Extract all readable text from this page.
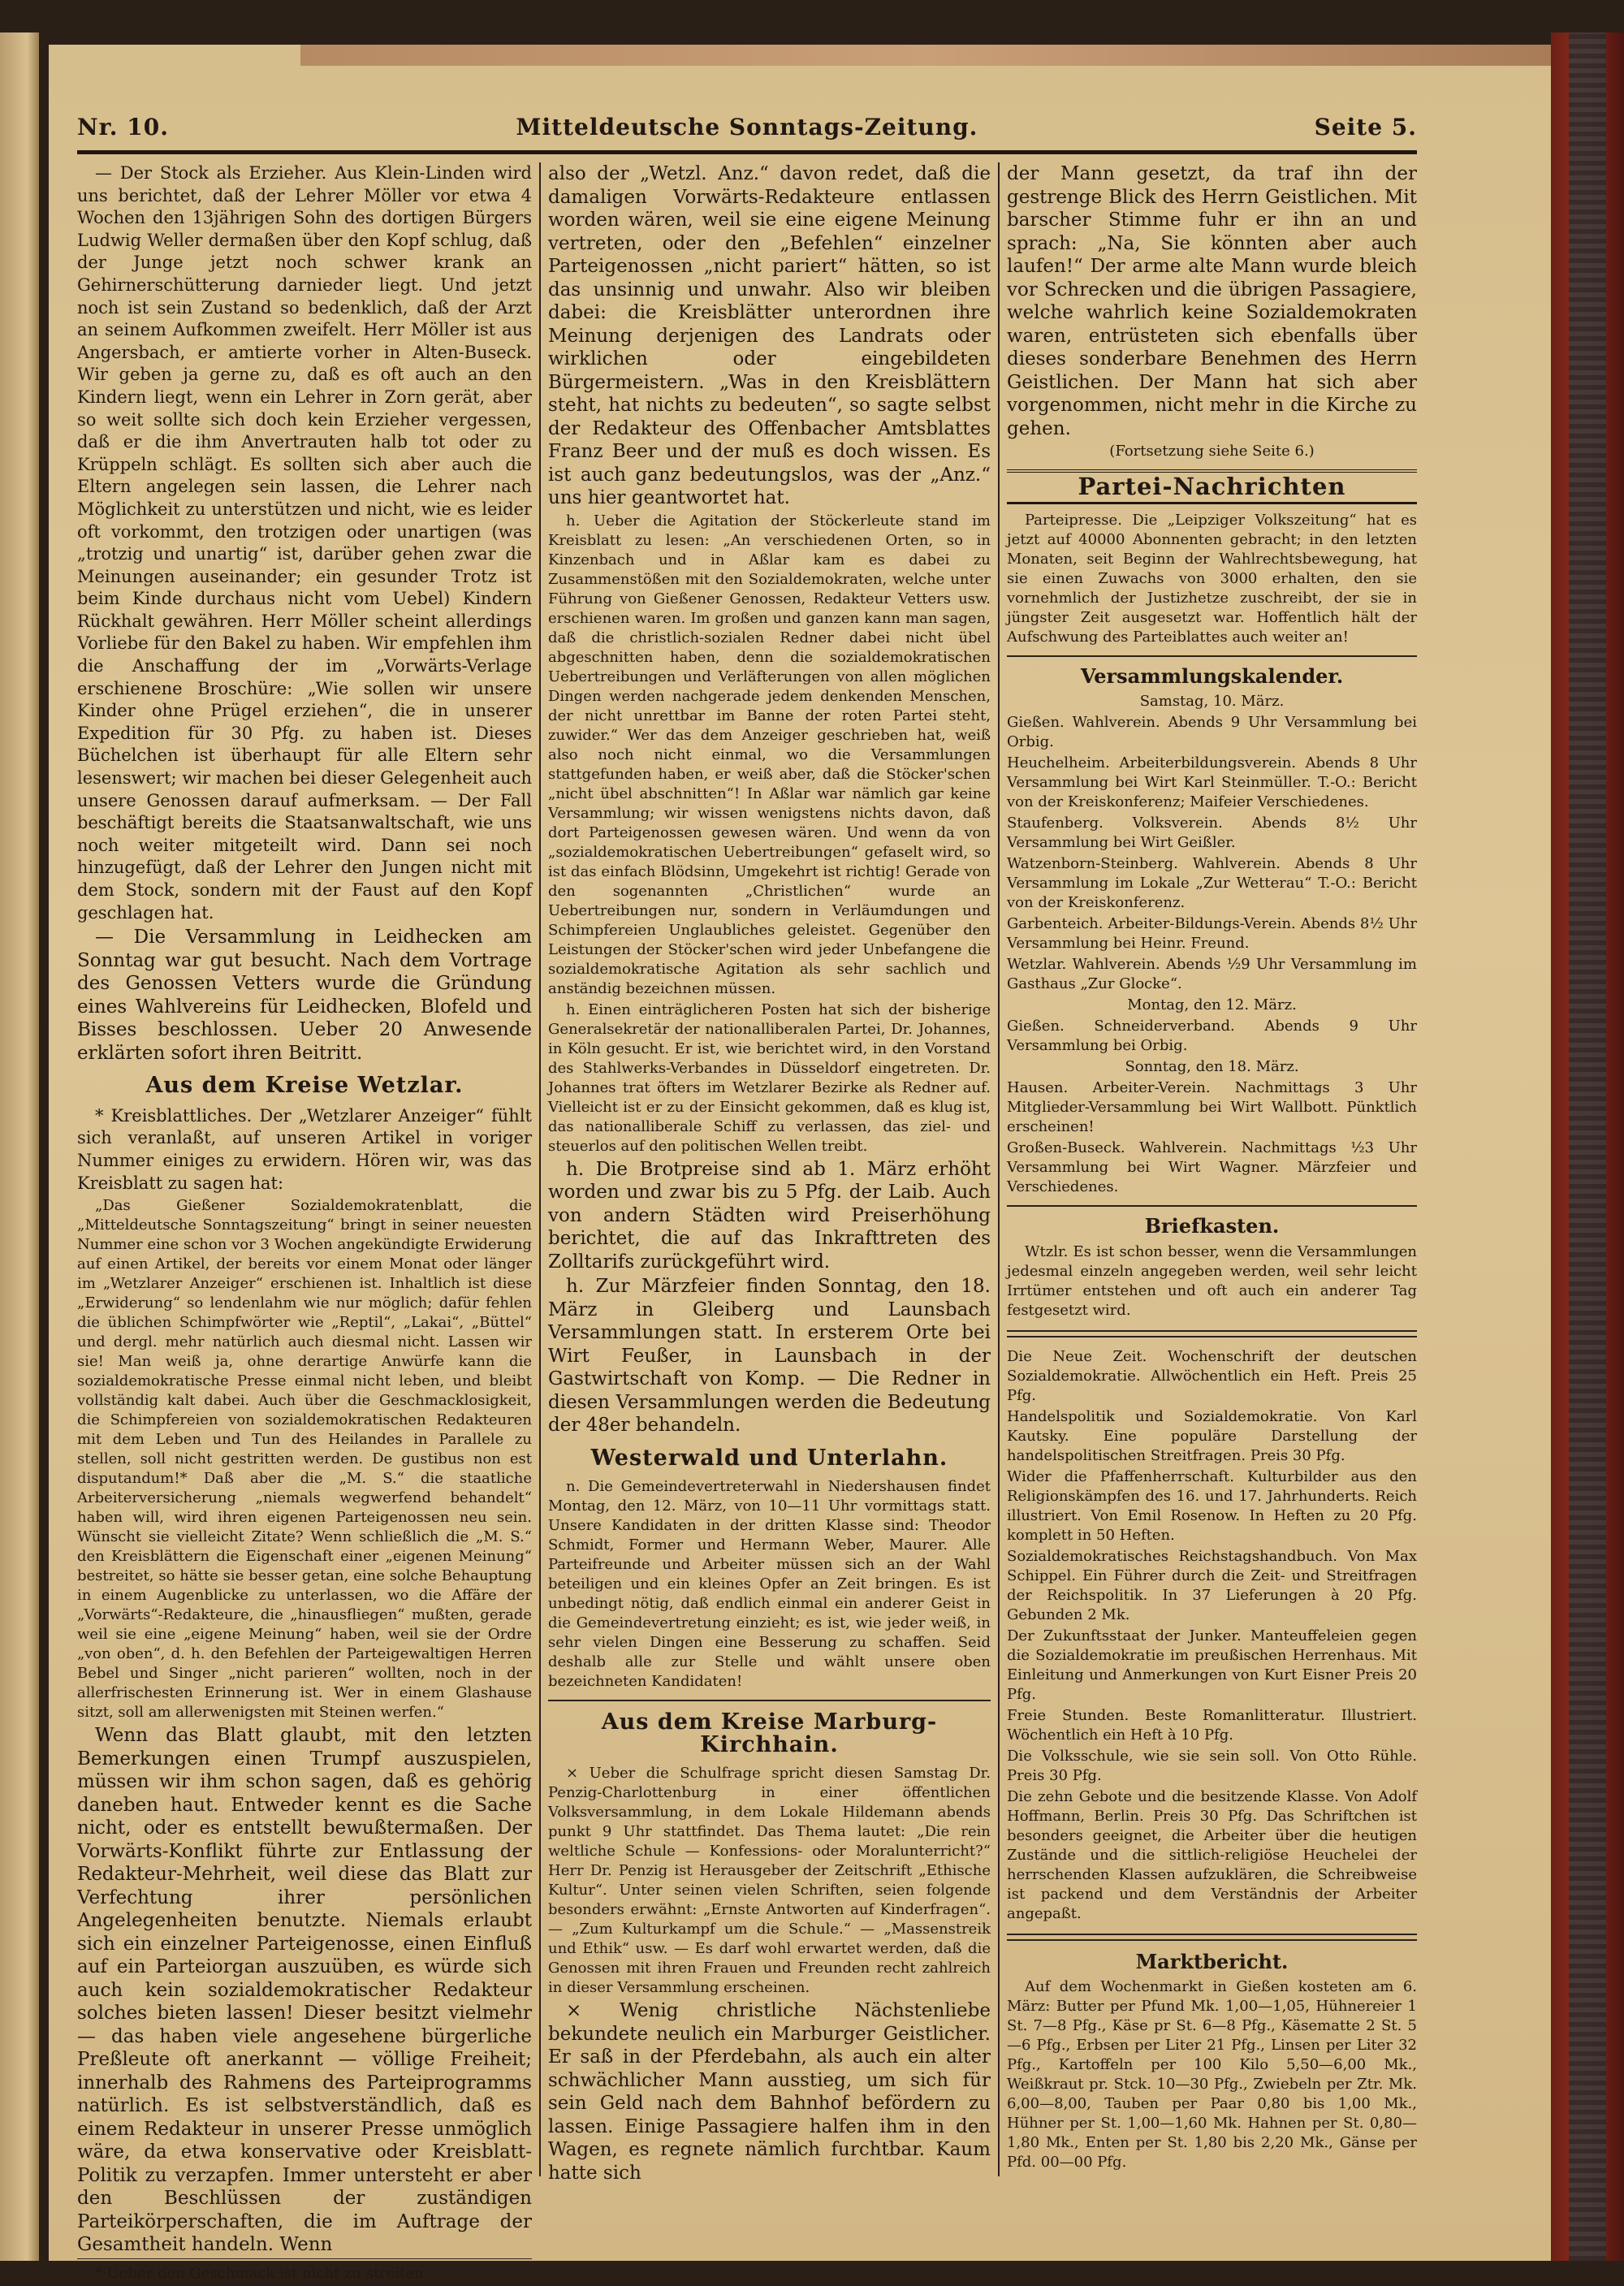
Nr. 10.	Mitteldeutsche Sonntags-Zeitung.	Seite 5.

— Der Stock als Erzieher. Aus Klein-Linden wird uns berichtet, daß der Lehrer Möller vor etwa 4 Wochen den 13jährigen Sohn des dortigen Bürgers Ludwig Weller dermaßen über den Kopf schlug, daß der Junge jetzt noch schwer krank an Gehirnerschütterung darnieder liegt. Und jetzt noch ist sein Zustand so bedenklich, daß der Arzt an seinem Aufkommen zweifelt. Herr Möller ist aus Angersbach, er amtierte vorher in Alten-Buseck. Wir geben ja gerne zu, daß es oft auch an den Kindern liegt, wenn ein Lehrer in Zorn gerät, aber so weit sollte sich doch kein Erzieher vergessen, daß er die ihm Anvertrauten halb tot oder zu Krüppeln schlägt. Es sollten sich aber auch die Eltern angelegen sein lassen, die Lehrer nach Möglichkeit zu unterstützen und nicht, wie es leider oft vorkommt, den trotzigen oder unartigen (was „trotzig und unartig“ ist, darüber gehen zwar die Meinungen auseinander; ein gesunder Trotz ist beim Kinde durchaus nicht vom Uebel) Kindern Rückhalt gewähren. Herr Möller scheint allerdings Vorliebe für den Bakel zu haben. Wir empfehlen ihm die Anschaffung der im „Vorwärts-Verlage erschienene Broschüre: „Wie sollen wir unsere Kinder ohne Prügel erziehen“, die in unserer Expedition für 30 Pfg. zu haben ist. Dieses Büchelchen ist überhaupt für alle Eltern sehr lesenswert; wir machen bei dieser Gelegenheit auch unsere Genossen darauf aufmerksam. — Der Fall beschäftigt bereits die Staatsanwaltschaft, wie uns noch weiter mitgeteilt wird. Dann sei noch hinzugefügt, daß der Lehrer den Jungen nicht mit dem Stock, sondern mit der Faust auf den Kopf geschlagen hat.

— Die Versammlung in Leidhecken am Sonntag war gut besucht. Nach dem Vortrage des Genossen Vetters wurde die Gründung eines Wahlvereins für Leidhecken, Blofeld und Bisses beschlossen. Ueber 20 Anwesende erklärten sofort ihren Beitritt.

Aus dem Kreise Wetzlar.

* Kreisblattliches. Der „Wetzlarer Anzeiger“ fühlt sich veranlaßt, auf unseren Artikel in voriger Nummer einiges zu erwidern. Hören wir, was das Kreisblatt zu sagen hat:

„Das Gießener Sozialdemokratenblatt, die „Mitteldeutsche Sonntagszeitung“ bringt in seiner neuesten Nummer eine schon vor 3 Wochen angekündigte Erwiderung auf einen Artikel, der bereits vor einem Monat oder länger im „Wetzlarer Anzeiger“ erschienen ist. Inhaltlich ist diese „Erwiderung“ so lendenlahm wie nur möglich; dafür fehlen die üblichen Schimpfwörter wie „Reptil“, „Lakai“, „Büttel“ und dergl. mehr natürlich auch diesmal nicht. Lassen wir sie! Man weiß ja, ohne derartige Anwürfe kann die sozialdemokratische Presse einmal nicht leben, und bleibt vollständig kalt dabei. Auch über die Geschmacklosigkeit, die Schimpfereien von sozialdemokratischen Redakteuren mit dem Leben und Tun des Heilandes in Parallele zu stellen, soll nicht gestritten werden. De gustibus non est disputandum!* Daß aber die „M. S.“ die staatliche Arbeiterversicherung „niemals wegwerfend behandelt“ haben will, wird ihren eigenen Parteigenossen neu sein. Wünscht sie vielleicht Zitate? Wenn schließlich die „M. S.“ den Kreisblättern die Eigenschaft einer „eigenen Meinung“ bestreitet, so hätte sie besser getan, eine solche Behauptung in einem Augenblicke zu unterlassen, wo die Affäre der „Vorwärts“-Redakteure, die „hinausfliegen“ mußten, gerade weil sie eine „eigene Meinung“ haben, weil sie der Ordre „von oben“, d. h. den Befehlen der Parteigewaltigen Herren Bebel und Singer „nicht parieren“ wollten, noch in der allerfrischesten Erinnerung ist. Wer in einem Glashause sitzt, soll am allerwenigsten mit Steinen werfen.“

Wenn das Blatt glaubt, mit den letzten Bemerkungen einen Trumpf auszuspielen, müssen wir ihm schon sagen, daß es gehörig daneben haut. Entweder kennt es die Sache nicht, oder es entstellt bewußtermaßen. Der Vorwärts-Konflikt führte zur Entlassung der Redakteur-Mehrheit, weil diese das Blatt zur Verfechtung ihrer persönlichen Angelegenheiten benutzte. Niemals erlaubt sich ein einzelner Parteigenosse, einen Einfluß auf ein Parteiorgan auszuüben, es würde sich auch kein sozialdemokratischer Redakteur solches bieten lassen! Dieser besitzt vielmehr — das haben viele angesehene bürgerliche Preßleute oft anerkannt — völlige Freiheit; innerhalb des Rahmens des Parteiprogramms natürlich. Es ist selbstverständlich, daß es einem Redakteur in unserer Presse unmöglich wäre, da etwa konservative oder Kreisblatt-Politik zu verzapfen. Immer untersteht er aber den Beschlüssen der zuständigen Parteikörperschaften, die im Auftrage der Gesamtheit handeln. Wenn

* Ueber den Geschmack ist nicht zu streiten.

also der „Wetzl. Anz.“ davon redet, daß die damaligen Vorwärts-Redakteure entlassen worden wären, weil sie eine eigene Meinung vertreten, oder den „Befehlen“ einzelner Parteigenossen „nicht pariert“ hätten, so ist das unsinnig und unwahr. Also wir bleiben dabei: die Kreisblätter unterordnen ihre Meinung derjenigen des Landrats oder wirklichen oder eingebildeten Bürgermeistern. „Was in den Kreisblättern steht, hat nichts zu bedeuten“, so sagte selbst der Redakteur des Offenbacher Amtsblattes Franz Beer und der muß es doch wissen. Es ist auch ganz bedeutungslos, was der „Anz.“ uns hier geantwortet hat.

h. Ueber die Agitation der Stöckerleute stand im Kreisblatt zu lesen: „An verschiedenen Orten, so in Kinzenbach und in Aßlar kam es dabei zu Zusammenstößen mit den Sozialdemokraten, welche unter Führung von Gießener Genossen, Redakteur Vetters usw. erschienen waren. Im großen und ganzen kann man sagen, daß die christlich-sozialen Redner dabei nicht übel abgeschnitten haben, denn die sozialdemokratischen Uebertreibungen und Verläfterungen von allen möglichen Dingen werden nachgerade jedem denkenden Menschen, der nicht unrettbar im Banne der roten Partei steht, zuwider.“ Wer das dem Anzeiger geschrieben hat, weiß also noch nicht einmal, wo die Versammlungen stattgefunden haben, er weiß aber, daß die Stöcker'schen „nicht übel abschnitten“! In Aßlar war nämlich gar keine Versammlung; wir wissen wenigstens nichts davon, daß dort Parteigenossen gewesen wären. Und wenn da von „sozialdemokratischen Uebertreibungen“ gefaselt wird, so ist das einfach Blödsinn, Umgekehrt ist richtig! Gerade von den sogenannten „Christlichen“ wurde an Uebertreibungen nur, sondern in Verläumdungen und Schimpfereien Unglaubliches geleistet. Gegenüber den Leistungen der Stöcker'schen wird jeder Unbefangene die sozialdemokratische Agitation als sehr sachlich und anständig bezeichnen müssen.

h. Einen einträglicheren Posten hat sich der bisherige Generalsekretär der nationalliberalen Partei, Dr. Johannes, in Köln gesucht. Er ist, wie berichtet wird, in den Vorstand des Stahlwerks-Verbandes in Düsseldorf eingetreten. Dr. Johannes trat öfters im Wetzlarer Bezirke als Redner auf. Vielleicht ist er zu der Einsicht gekommen, daß es klug ist, das nationalliberale Schiff zu verlassen, das ziel- und steuerlos auf den politischen Wellen treibt.

h. Die Brotpreise sind ab 1. März erhöht worden und zwar bis zu 5 Pfg. der Laib. Auch von andern Städten wird Preiserhöhung berichtet, die auf das Inkrafttreten des Zolltarifs zurückgeführt wird.

h. Zur Märzfeier finden Sonntag, den 18. März in Gleiberg und Launsbach Versammlungen statt. In ersterem Orte bei Wirt Feußer, in Launsbach in der Gastwirtschaft von Komp. — Die Redner in diesen Versammlungen werden die Bedeutung der 48er behandeln.

Westerwald und Unterlahn.

n. Die Gemeindevertreterwahl in Niedershausen findet Montag, den 12. März, von 10—11 Uhr vormittags statt. Unsere Kandidaten in der dritten Klasse sind: Theodor Schmidt, Former und Hermann Weber, Maurer. Alle Parteifreunde und Arbeiter müssen sich an der Wahl beteiligen und ein kleines Opfer an Zeit bringen. Es ist unbedingt nötig, daß endlich einmal ein anderer Geist in die Gemeindevertretung einzieht; es ist, wie jeder weiß, in sehr vielen Dingen eine Besserung zu schaffen. Seid deshalb alle zur Stelle und wählt unsere oben bezeichneten Kandidaten!

Aus dem Kreise Marburg-Kirchhain.

× Ueber die Schulfrage spricht diesen Samstag Dr. Penzig-Charlottenburg in einer öffentlichen Volksversammlung, in dem Lokale Hildemann abends punkt 9 Uhr stattfindet. Das Thema lautet: „Die rein weltliche Schule — Konfessions- oder Moralunterricht?“ Herr Dr. Penzig ist Herausgeber der Zeitschrift „Ethische Kultur“. Unter seinen vielen Schriften, seien folgende besonders erwähnt: „Ernste Antworten auf Kinderfragen“. — „Zum Kulturkampf um die Schule.“ — „Massenstreik und Ethik“ usw. — Es darf wohl erwartet werden, daß die Genossen mit ihren Frauen und Freunden recht zahlreich in dieser Versammlung erscheinen.

× Wenig christliche Nächstenliebe bekundete neulich ein Marburger Geistlicher. Er saß in der Pferdebahn, als auch ein alter schwächlicher Mann ausstieg, um sich für sein Geld nach dem Bahnhof befördern zu lassen. Einige Passagiere halfen ihm in den Wagen, es regnete nämlich furchtbar. Kaum hatte sich

der Mann gesetzt, da traf ihn der gestrenge Blick des Herrn Geistlichen. Mit barscher Stimme fuhr er ihn an und sprach: „Na, Sie könnten aber auch laufen!“ Der arme alte Mann wurde bleich vor Schrecken und die übrigen Passagiere, welche wahrlich keine Sozialdemokraten waren, entrüsteten sich ebenfalls über dieses sonderbare Benehmen des Herrn Geistlichen. Der Mann hat sich aber vorgenommen, nicht mehr in die Kirche zu gehen.

(Fortsetzung siehe Seite 6.)

Partei-Nachrichten

Parteipresse. Die „Leipziger Volkszeitung“ hat es jetzt auf 40000 Abonnenten gebracht; in den letzten Monaten, seit Beginn der Wahlrechtsbewegung, hat sie einen Zuwachs von 3000 erhalten, den sie vornehmlich der Justizhetze zuschreibt, der sie in jüngster Zeit ausgesetzt war. Hoffentlich hält der Aufschwung des Parteiblattes auch weiter an!

Versammlungskalender.

Samstag, 10. März.

Gießen. Wahlverein. Abends 9 Uhr Versammlung bei Orbig.

Heuchelheim. Arbeiterbildungsverein. Abends 8 Uhr Versammlung bei Wirt Karl Steinmüller. T.-O.: Bericht von der Kreiskonferenz; Maifeier Verschiedenes.

Staufenberg. Volksverein. Abends 8½ Uhr Versammlung bei Wirt Geißler.

Watzenborn-Steinberg. Wahlverein. Abends 8 Uhr Versammlung im Lokale „Zur Wetterau“ T.-O.: Bericht von der Kreiskonferenz.

Garbenteich. Arbeiter-Bildungs-Verein. Abends 8½ Uhr Versammlung bei Heinr. Freund.

Wetzlar. Wahlverein. Abends ½9 Uhr Versammlung im Gasthaus „Zur Glocke“.

Montag, den 12. März.

Gießen. Schneiderverband. Abends 9 Uhr Versammlung bei Orbig.

Sonntag, den 18. März.

Hausen. Arbeiter-Verein. Nachmittags 3 Uhr Mitglieder-Versammlung bei Wirt Wallbott. Pünktlich erscheinen!

Großen-Buseck. Wahlverein. Nachmittags ½3 Uhr Versammlung bei Wirt Wagner. Märzfeier und Verschiedenes.

Briefkasten.

Wtzlr. Es ist schon besser, wenn die Versammlungen jedesmal einzeln angegeben werden, weil sehr leicht Irrtümer entstehen und oft auch ein anderer Tag festgesetzt wird.

Die Neue Zeit. Wochenschrift der deutschen Sozialdemokratie. Allwöchentlich ein Heft. Preis 25 Pfg.

Handelspolitik und Sozialdemokratie. Von Karl Kautsky. Eine populäre Darstellung der handelspolitischen Streitfragen. Preis 30 Pfg.

Wider die Pfaffenherrschaft. Kulturbilder aus den Religionskämpfen des 16. und 17. Jahrhunderts. Reich illustriert. Von Emil Rosenow. In Heften zu 20 Pfg. komplett in 50 Heften.

Sozialdemokratisches Reichstagshandbuch. Von Max Schippel. Ein Führer durch die Zeit- und Streitfragen der Reichspolitik. In 37 Lieferungen à 20 Pfg. Gebunden 2 Mk.

Der Zukunftsstaat der Junker. Manteuffeleien gegen die Sozialdemokratie im preußischen Herrenhaus. Mit Einleitung und Anmerkungen von Kurt Eisner Preis 20 Pfg.

Freie Stunden. Beste Romanlitteratur. Illustriert. Wöchentlich ein Heft à 10 Pfg.

Die Volksschule, wie sie sein soll. Von Otto Rühle. Preis 30 Pfg.

Die zehn Gebote und die besitzende Klasse. Von Adolf Hoffmann, Berlin. Preis 30 Pfg. Das Schriftchen ist besonders geeignet, die Arbeiter über die heutigen Zustände und die sittlich-religiöse Heuchelei der herrschenden Klassen aufzuklären, die Schreibweise ist packend und dem Verständnis der Arbeiter angepaßt.

Marktbericht.

Auf dem Wochenmarkt in Gießen kosteten am 6. März: Butter per Pfund Mk. 1,00—1,05, Hühnereier 1 St. 7—8 Pfg., Käse pr St. 6—8 Pfg., Käsematte 2 St. 5—6 Pfg., Erbsen per Liter 21 Pfg., Linsen per Liter 32 Pfg., Kartoffeln per 100 Kilo 5,50—6,00 Mk., Weißkraut pr. Stck. 10—30 Pfg., Zwiebeln per Ztr. Mk. 6,00—8,00, Tauben per Paar 0,80 bis 1,00 Mk., Hühner per St. 1,00—1,60 Mk. Hahnen per St. 0,80—1,80 Mk., Enten per St. 1,80 bis 2,20 Mk., Gänse per Pfd. 00—00 Pfg.
